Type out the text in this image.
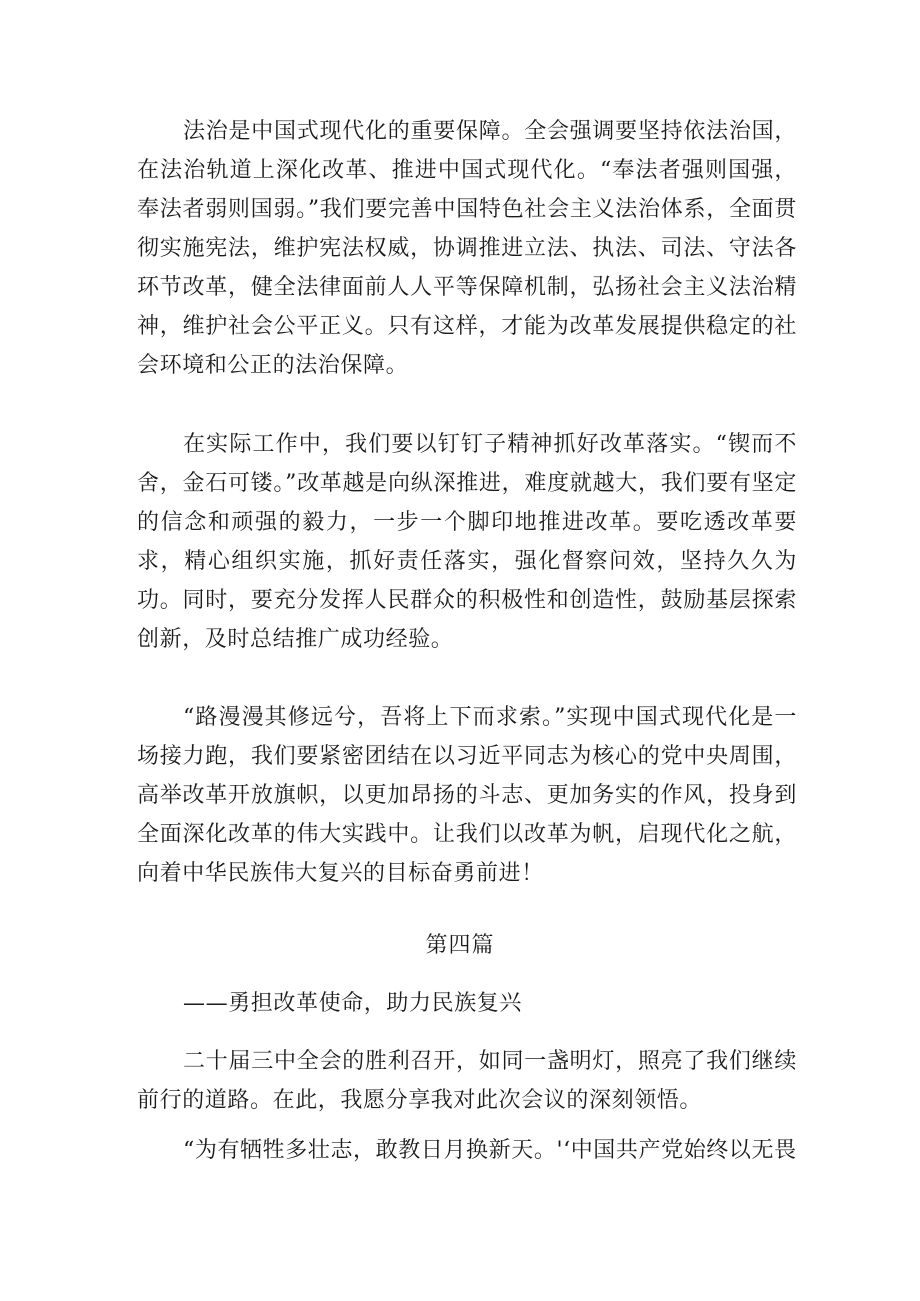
法治是中国式现代化的重要保障。全会强调要坚持依法治国，在法治轨道上深化改革、推进中国式现代化。“奉法者强则国强，奉法者弱则国弱。”我们要完善中国特色社会主义法治体系，全面贯彻实施宪法，维护宪法权威，协调推进立法、执法、司法、守法各环节改革，健全法律面前人人平等保障机制，弘扬社会主义法治精神，维护社会公平正义。只有这样，才能为改革发展提供稳定的社会环境和公正的法治保障。

在实际工作中，我们要以钉钉子精神抓好改革落实。“锲而不舍，金石可镂。”改革越是向纵深推进，难度就越大，我们要有坚定的信念和顽强的毅力，一步一个脚印地推进改革。要吃透改革要求，精心组织实施，抓好责任落实，强化督察问效，坚持久久为功。同时，要充分发挥人民群众的积极性和创造性，鼓励基层探索创新，及时总结推广成功经验。

“路漫漫其修远兮，吾将上下而求索。”实现中国式现代化是一场接力跑，我们要紧密团结在以习近平同志为核心的党中央周围，高举改革开放旗帜，以更加昂扬的斗志、更加务实的作风，投身到全面深化改革的伟大实践中。让我们以改革为帆，启现代化之航，向着中华民族伟大复兴的目标奋勇前进！

第四篇

——勇担改革使命，助力民族复兴

二十届三中全会的胜利召开，如同一盏明灯，照亮了我们继续前行的道路。在此，我愿分享我对此次会议的深刻领悟。

“为有牺牲多壮志，敢教日月换新天。'‘中国共产党始终以无畏
